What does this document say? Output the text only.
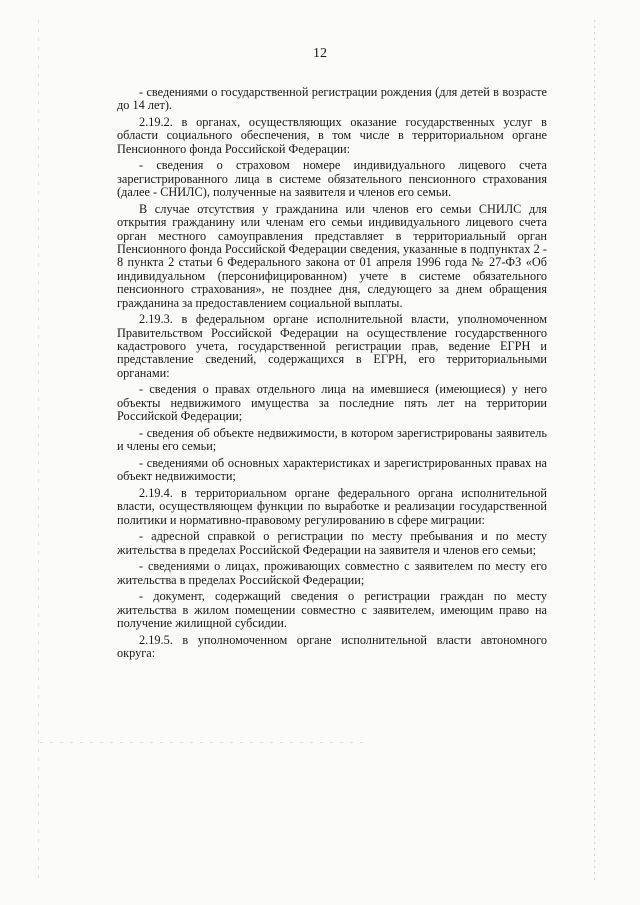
12

- сведениями о государственной регистрации рождения (для детей в возрасте до 14 лет).

2.19.2. в органах, осуществляющих оказание государственных услуг в области социального обеспечения, в том числе в территориальном органе Пенсионного фонда Российской Федерации:

- сведения о страховом номере индивидуального лицевого счета зарегистрированного лица в системе обязательного пенсионного страхования (далее - СНИЛС), полученные на заявителя и членов его семьи.

В случае отсутствия у гражданина или членов его семьи СНИЛС для открытия гражданину или членам его семьи индивидуального лицевого счета орган местного самоуправления представляет в территориальный орган Пенсионного фонда Российской Федерации сведения, указанные в подпунктах 2 - 8 пункта 2 статьи 6 Федерального закона от 01 апреля 1996 года № 27-ФЗ «Об индивидуальном (персонифицированном) учете в системе обязательного пенсионного страхования», не позднее дня, следующего за днем обращения гражданина за предоставлением социальной выплаты.

2.19.3. в федеральном органе исполнительной власти, уполномоченном Правительством Российской Федерации на осуществление государственного кадастрового учета, государственной регистрации прав, ведение ЕГРН и представление сведений, содержащихся в ЕГРН, его территориальными органами:

- сведения о правах отдельного лица на имевшиеся (имеющиеся) у него объекты недвижимого имущества за последние пять лет на территории Российской Федерации;

- сведения об объекте недвижимости, в котором зарегистрированы заявитель и члены его семьи;

- сведениями об основных характеристиках и зарегистрированных правах на объект недвижимости;

2.19.4. в территориальном органе федерального органа исполнительной власти, осуществляющем функции по выработке и реализации государственной политики и нормативно-правовому регулированию в сфере миграции:

- адресной справкой о регистрации по месту пребывания и по месту жительства в пределах Российской Федерации на заявителя и членов его семьи;

- сведениями о лицах, проживающих совместно с заявителем по месту его жительства в пределах Российской Федерации;

- документ, содержащий сведения о регистрации граждан по месту жительства в жилом помещении совместно с заявителем, имеющим право на получение жилищной субсидии.

2.19.5. в уполномоченном органе исполнительной власти автономного округа:
